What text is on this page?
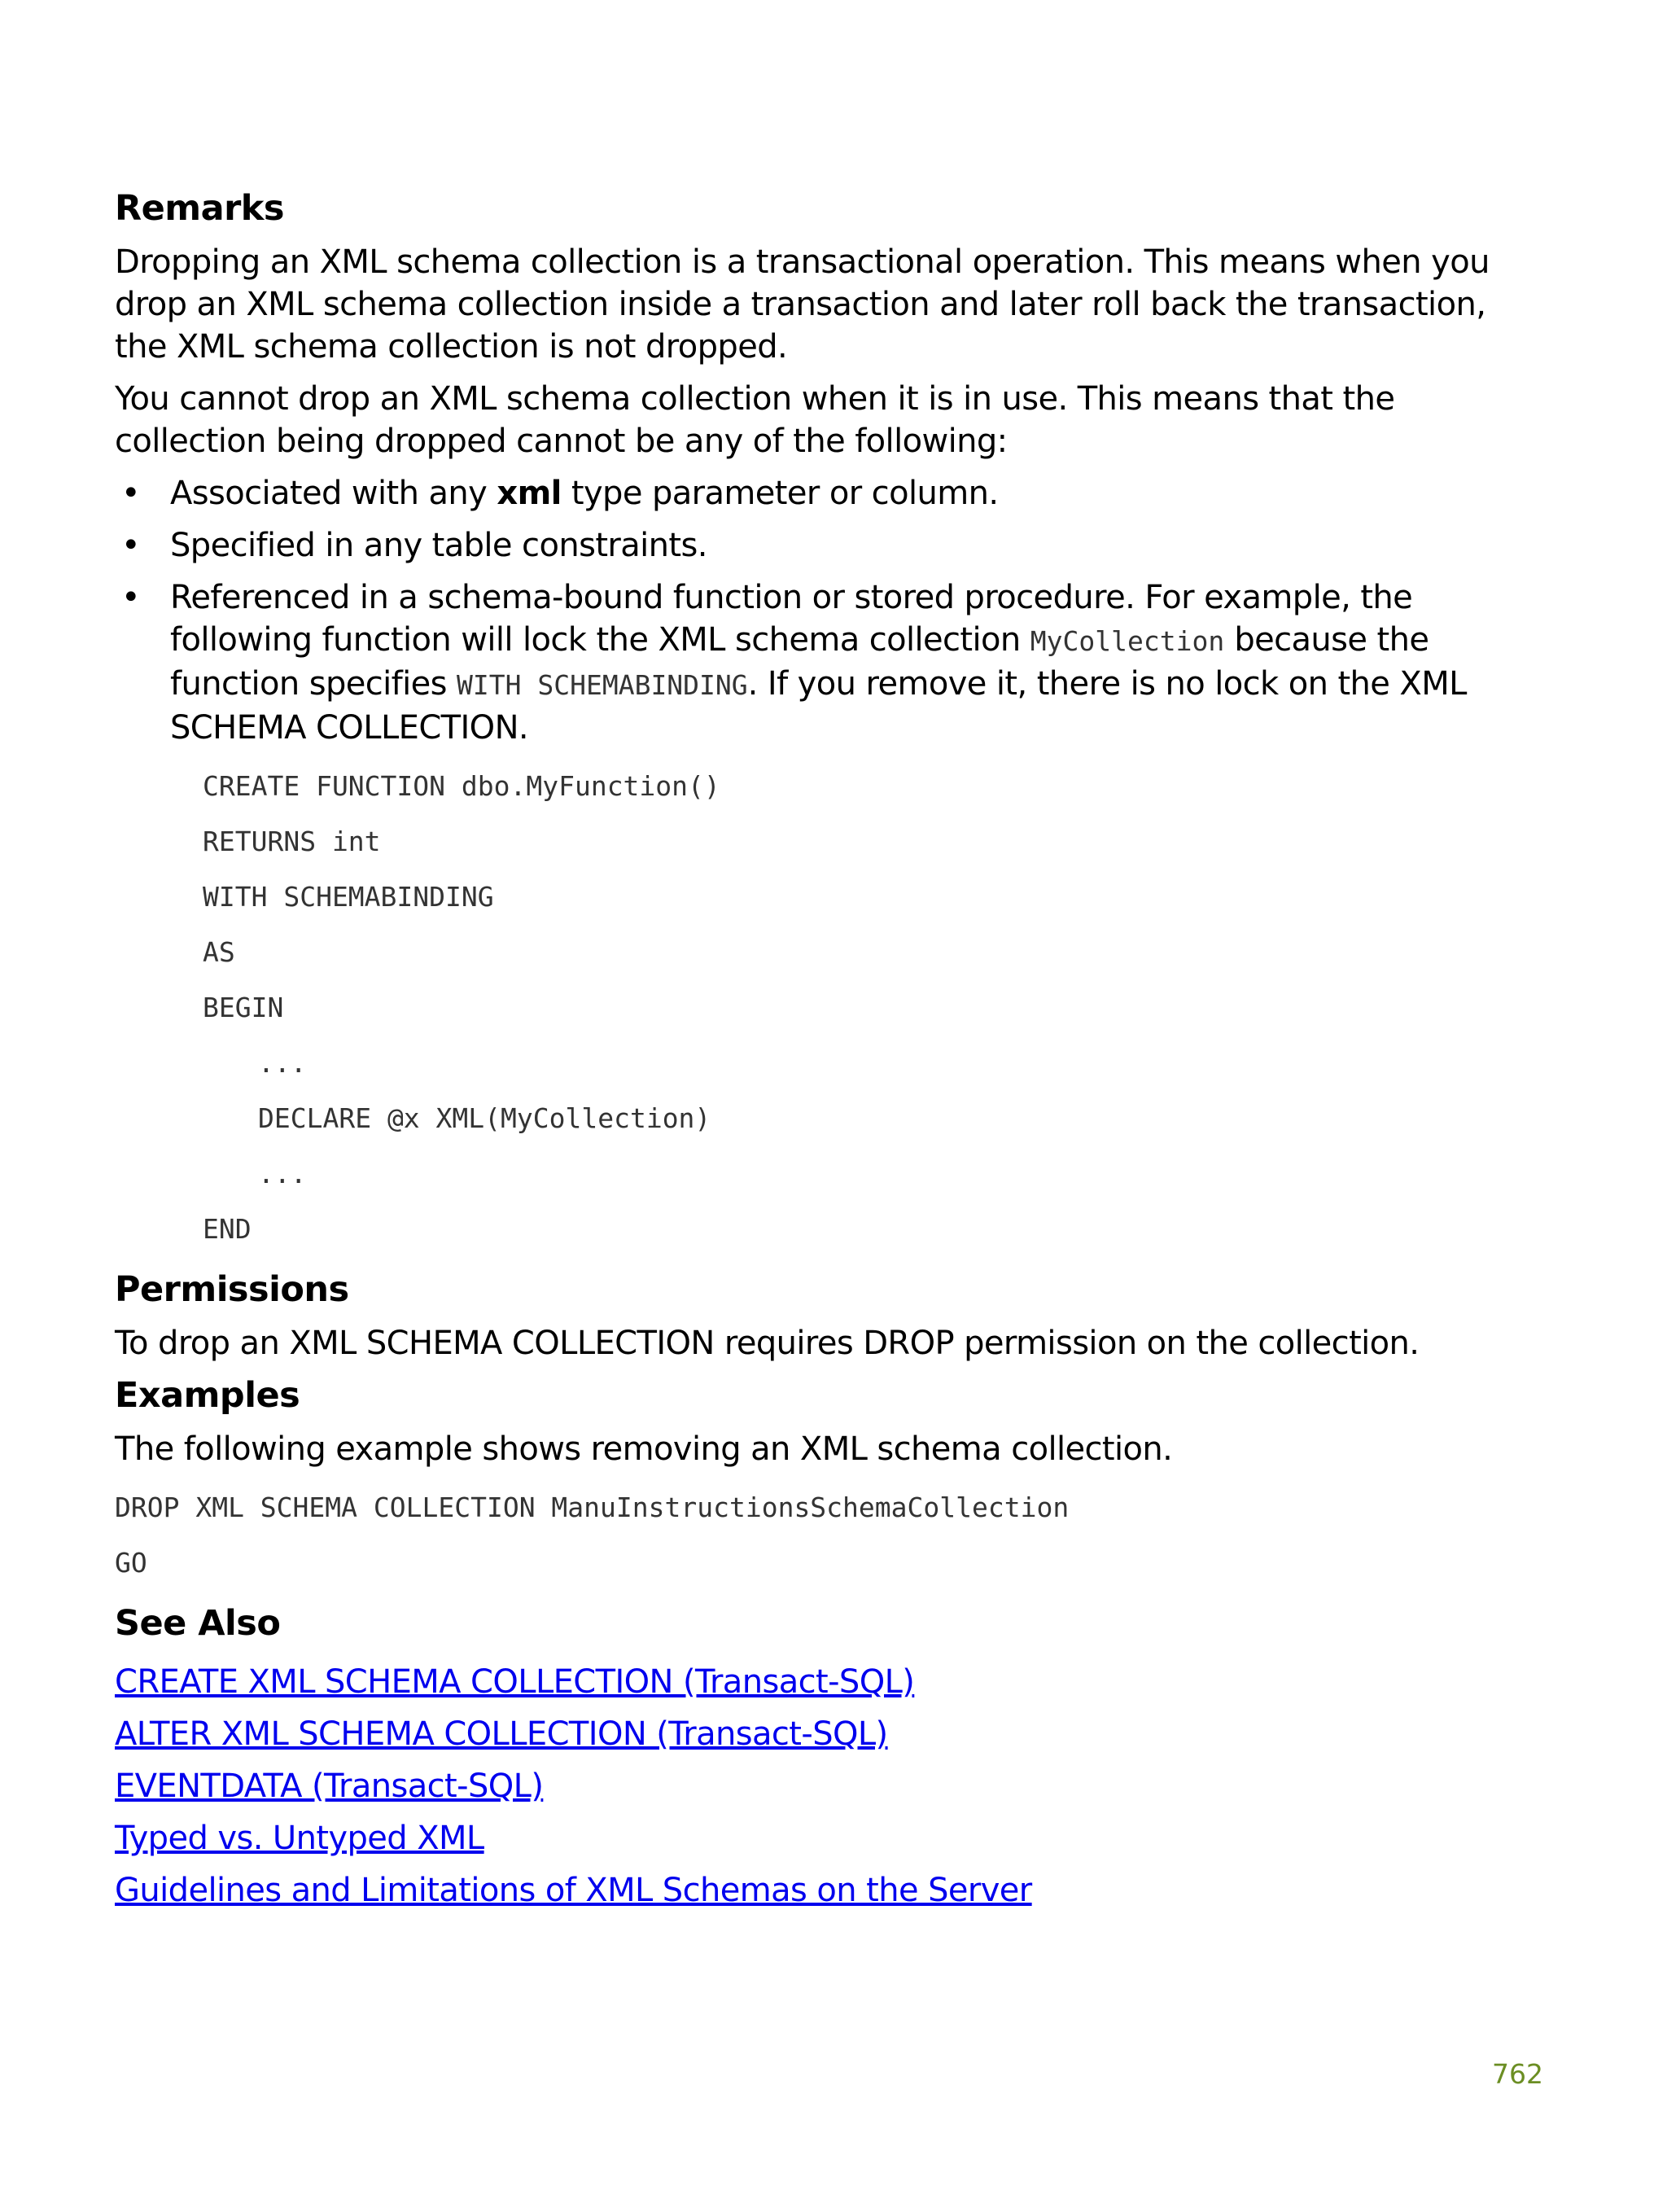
Remarks

Dropping an XML schema collection is a transactional operation. This means when you drop an XML schema collection inside a transaction and later roll back the transaction, the XML schema collection is not dropped.

You cannot drop an XML schema collection when it is in use. This means that the collection being dropped cannot be any of the following:

• Associated with any xml type parameter or column.
• Specified in any table constraints.
• Referenced in a schema-bound function or stored procedure. For example, the following function will lock the XML schema collection MyCollection because the function specifies WITH SCHEMABINDING. If you remove it, there is no lock on the XML SCHEMA COLLECTION.
CREATE FUNCTION dbo.MyFunction()
RETURNS int
WITH SCHEMABINDING
AS
BEGIN
...
DECLARE @x XML(MyCollection)
...
END
Permissions

To drop an XML SCHEMA COLLECTION requires DROP permission on the collection.

Examples

The following example shows removing an XML schema collection.

DROP XML SCHEMA COLLECTION ManuInstructionsSchemaCollection
GO
See Also
CREATE XML SCHEMA COLLECTION (Transact-SQL)
ALTER XML SCHEMA COLLECTION (Transact-SQL)
EVENTDATA (Transact-SQL)
Typed vs. Untyped XML
Guidelines and Limitations of XML Schemas on the Server
762
